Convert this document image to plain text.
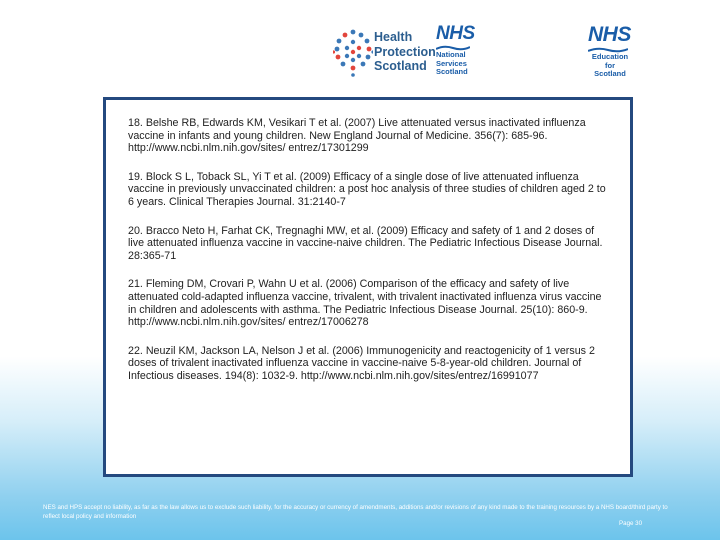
Health
Protection
Scotland
NHS
National
Services
Scotland
NHS
Education
for
Scotland
18. Belshe RB, Edwards KM, Vesikari T et al. (2007) Live attenuated versus inactivated influenza vaccine in infants and young children. New England Journal of Medicine. 356(7): 685-96. http://www.ncbi.nlm.nih.gov/sites/ entrez/17301299
19. Block S L, Toback SL, Yi T et al. (2009) Efficacy of a single dose of live attenuated influenza vaccine in previously unvaccinated children: a post hoc analysis of three studies of children aged 2 to 6 years. Clinical Therapies Journal. 31:2140-7
20. Bracco Neto H, Farhat CK, Tregnaghi MW, et al. (2009) Efficacy and safety of 1 and 2 doses of live attenuated influenza vaccine in vaccine-naive children. The Pediatric Infectious Disease Journal. 28:365-71
21. Fleming DM, Crovari P, Wahn U et al. (2006) Comparison of the efficacy and safety of live attenuated cold-adapted influenza vaccine, trivalent, with trivalent inactivated influenza virus vaccine in children and adolescents with asthma. The Pediatric Infectious Disease Journal. 25(10): 860-9. http://www.ncbi.nlm.nih.gov/sites/ entrez/17006278
22. Neuzil KM, Jackson LA, Nelson J et al. (2006) Immunogenicity and reactogenicity of 1 versus 2 doses of trivalent inactivated influenza vaccine in vaccine-naive 5-8-year-old children. Journal of Infectious diseases. 194(8): 1032-9. http://www.ncbi.nlm.nih.gov/sites/entrez/16991077
NES and HPS accept no liability, as far as the law allows us to exclude such liability, for the accuracy or currency of amendments, additions and/or revisions of any kind made to the training resources by a NHS board/third party to reflect local policy and information
Page 30
